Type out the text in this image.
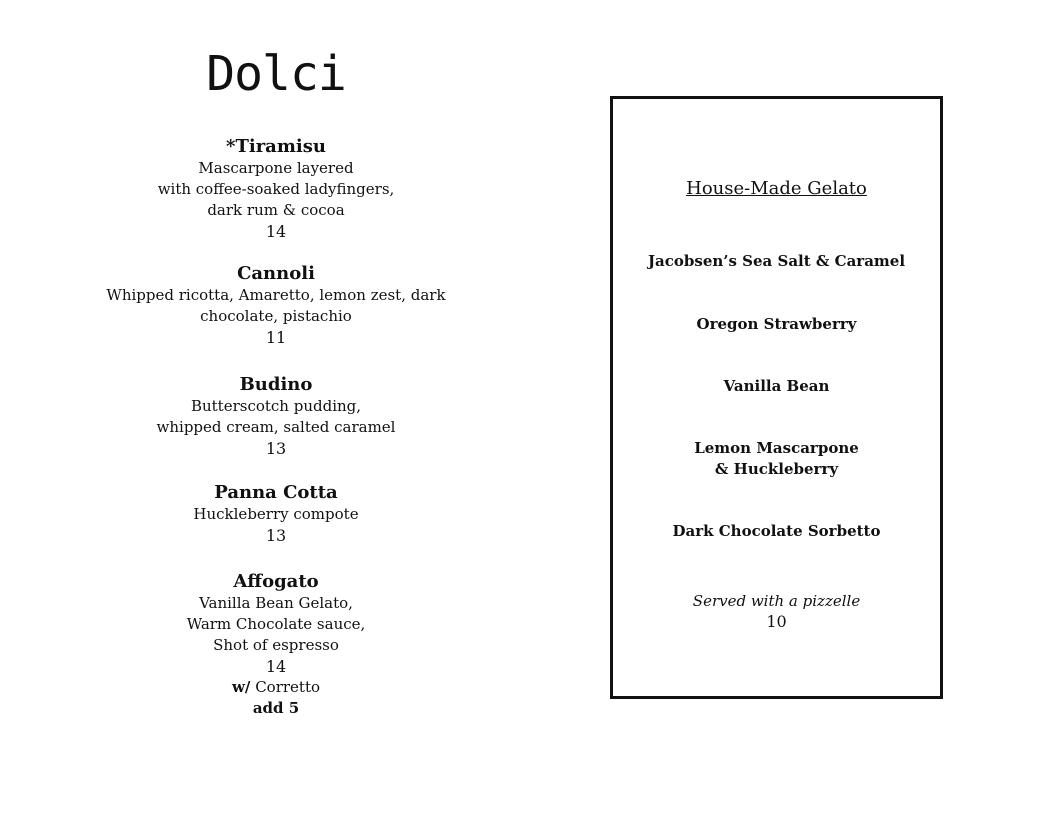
Dolci
*Tiramisu
Mascarpone layered
with coffee-soaked ladyfingers,
dark rum & cocoa
14
Cannoli
Whipped ricotta, Amaretto, lemon zest, dark
chocolate, pistachio
11
Budino
Butterscotch pudding,
whipped cream, salted caramel
13
Panna Cotta
Huckleberry compote
13
Affogato
Vanilla Bean Gelato,
Warm Chocolate sauce,
Shot of espresso
14
w/ Corretto
add 5
House-Made Gelato
Jacobsen’s Sea Salt & Caramel
Oregon Strawberry
Vanilla Bean
Lemon Mascarpone
& Huckleberry
Dark Chocolate Sorbetto
Served with a pizzelle
10
